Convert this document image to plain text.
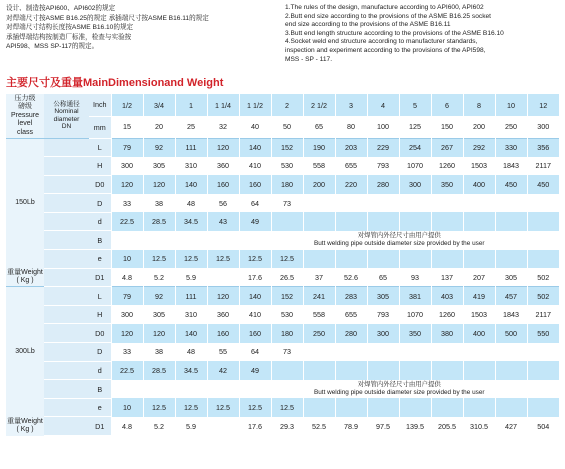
设计、制造按API600、API602的规定
对焊端尺寸按ASME B16.25的规定 承插端尺寸按ASME B16.11的规定
对焊端尺寸结构长度按ASME B16.10的规定
承插焊端结构按制造厂标准，检查与实验按
API598、MSS SP-117的规定。
1.The rules of the design, manufacture according to API600, API602
2.Butt end size according to the provisions of the ASME B16.25 socket
end size according to the provisions of the ASME B16.11
3.Butt end length structure according to the provisions of the ASME B16.10
4.Socket weld end structure according to manufacturer standards,
inspection and experiment according to the provisions of the API598,
MSS - SP - 117.
主要尺寸及重量MainDimensionand Weight
压力级
磅级
Pressure
level
class	公称通径
Nominal
diameter
DN	Inch	1/2	3/4	1	1 1/4	1 1/2	2	2 1/2	3	4	5	6	8	10	12
		mm	15	20	25	32	40	50	65	80	100	125	150	200	250	300
150Lb		L	79	92	111	120	140	152	190	203	229	254	267	292	330	356
		H	300	305	310	360	410	530	558	655	793	1070	1260	1503	1843	2117
		D0	120	120	140	160	160	180	200	220	280	300	350	400	450	450
		D	33	38	48	56	64	73								
		d	22.5	28.5	34.5	43	49									
		B					对焊管内外径尺寸由用户提供
Butt welding pipe outside diameter size provided by the user									
		e	10	12.5	12.5	12.5	12.5	12.5								
重量Weight
( Kg )		D1	4.8	5.2	5.9		17.6	26.5	37	52.6	65	93	137	207	305	502
300Lb		L	79	92	111	120	140	152	241	283	305	381	403	419	457	502
		H	300	305	310	360	410	530	558	655	793	1070	1260	1503	1843	2117
		D0	120	120	140	160	160	180	250	280	300	350	380	400	500	550
		D	33	38	48	55	64	73								
		d	22.5	28.5	34.5	42	49									
		B					对焊管内外径尺寸由用户提供
Butt welding pipe outside diameter size provided by the user									
		e	10	12.5	12.5	12.5	12.5	12.5								
重量Weight
( Kg )		D1	4.8	5.2	5.9		17.6	29.3	52.5	78.9	97.5	139.5	205.5	310.5	427	504
